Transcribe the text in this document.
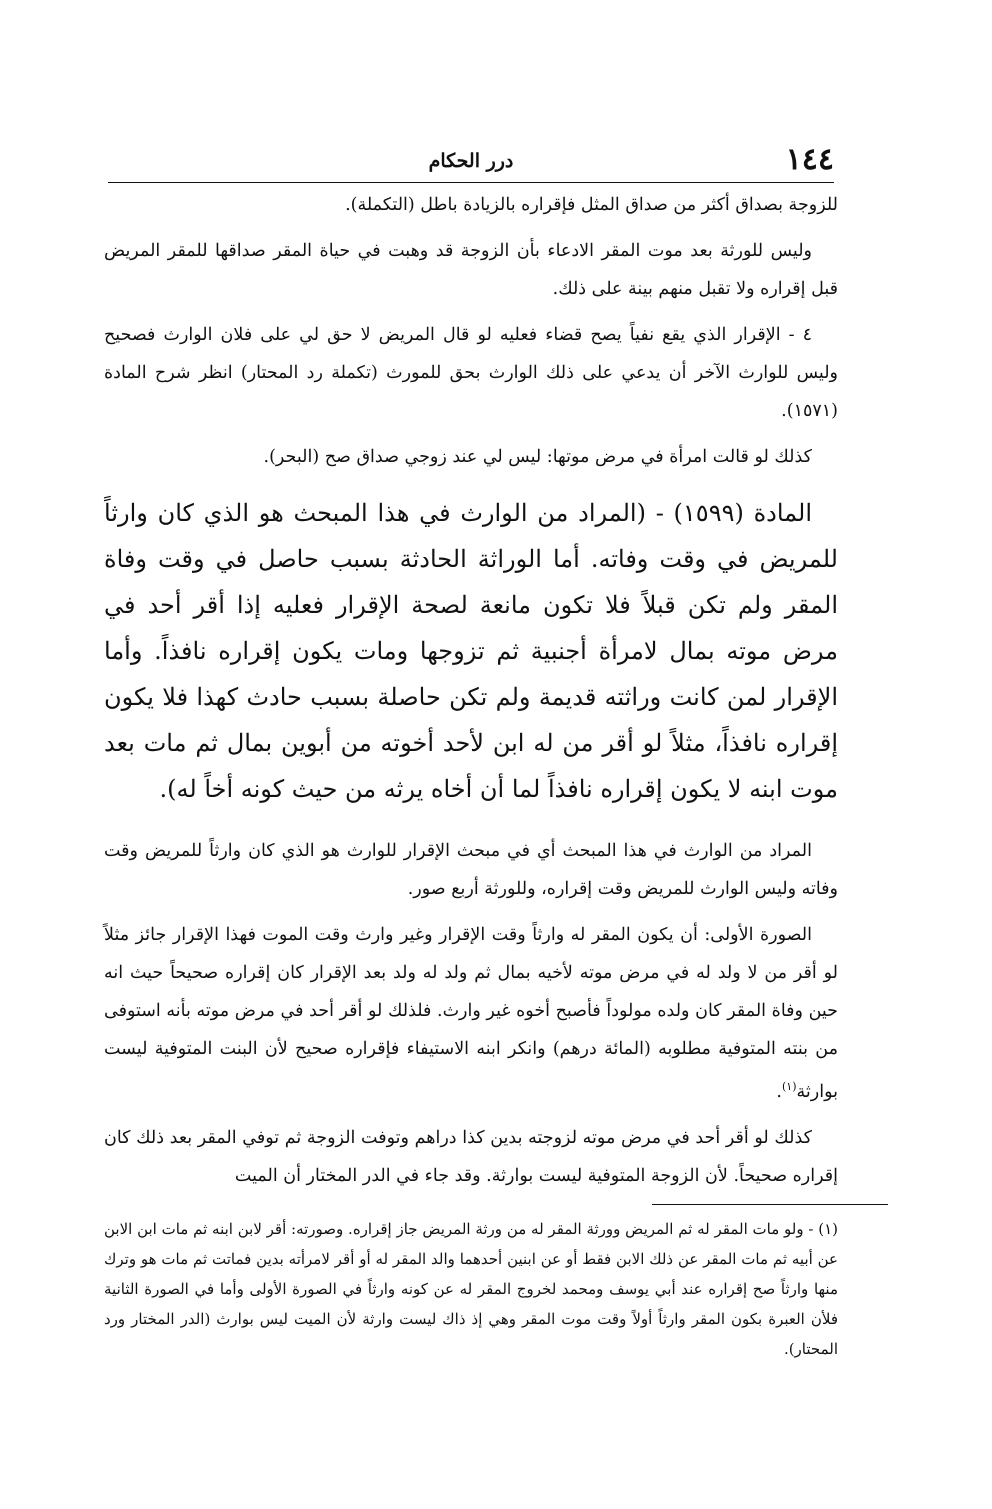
١٤٤
درر الحكام

للزوجة بصداق أكثر من صداق المثل فإقراره بالزيادة باطل (التكملة).

وليس للورثة بعد موت المقر الادعاء بأن الزوجة قد وهبت في حياة المقر صداقها للمقر المريض قبل إقراره ولا تقبل منهم بينة على ذلك.

٤ - الإقرار الذي يقع نفياً يصح قضاء فعليه لو قال المريض لا حق لي على فلان الوارث فصحيح وليس للوارث الآخر أن يدعي على ذلك الوارث بحق للمورث (تكملة رد المحتار) انظر شرح المادة (١٥٧١).

كذلك لو قالت امرأة في مرض موتها: ليس لي عند زوجي صداق صح (البحر).

المادة (١٥٩٩) - (المراد من الوارث في هذا المبحث هو الذي كان وارثاً للمريض في وقت وفاته. أما الوراثة الحادثة بسبب حاصل في وقت وفاة المقر ولم تكن قبلاً فلا تكون مانعة لصحة الإقرار فعليه إذا أقر أحد في مرض موته بمال لامرأة أجنبية ثم تزوجها ومات يكون إقراره نافذاً. وأما الإقرار لمن كانت وراثته قديمة ولم تكن حاصلة بسبب حادث كهذا فلا يكون إقراره نافذاً، مثلاً لو أقر من له ابن لأحد أخوته من أبوين بمال ثم مات بعد موت ابنه لا يكون إقراره نافذاً لما أن أخاه يرثه من حيث كونه أخاً له).

المراد من الوارث في هذا المبحث أي في مبحث الإقرار للوارث هو الذي كان وارثاً للمريض وقت وفاته وليس الوارث للمريض وقت إقراره، وللورثة أربع صور.

الصورة الأولى: أن يكون المقر له وارثاً وقت الإقرار وغير وارث وقت الموت فهذا الإقرار جائز مثلاً لو أقر من لا ولد له في مرض موته لأخيه بمال ثم ولد له ولد بعد الإقرار كان إقراره صحيحاً حيث انه حين وفاة المقر كان ولده مولوداً فأصبح أخوه غير وارث. فلذلك لو أقر أحد في مرض موته بأنه استوفى من بنته المتوفية مطلوبه (المائة درهم) وانكر ابنه الاستيفاء فإقراره صحيح لأن البنت المتوفية ليست بوارثة$^{(١)}$.

كذلك لو أقر أحد في مرض موته لزوجته بدين كذا دراهم وتوفت الزوجة ثم توفي المقر بعد ذلك كان إقراره صحيحاً. لأن الزوجة المتوفية ليست بوارثة. وقد جاء في الدر المختار أن الميت

(١) - ولو مات المقر له ثم المريض وورثة المقر له من ورثة المريض جاز إقراره. وصورته: أقر لابن ابنه ثم مات ابن الابن عن أبيه ثم مات المقر عن ذلك الابن فقط أو عن ابنين أحدهما والد المقر له أو أقر لامرأته بدين فماتت ثم مات هو وترك منها وارثاً صح إقراره عند أبي يوسف ومحمد لخروج المقر له عن كونه وارثاً في الصورة الأولى وأما في الصورة الثانية فلأن العبرة بكون المقر وارثاً أولاً وقت موت المقر وهي إذ ذاك ليست وارثة لأن الميت ليس بوارث (الدر المختار ورد المحتار).
